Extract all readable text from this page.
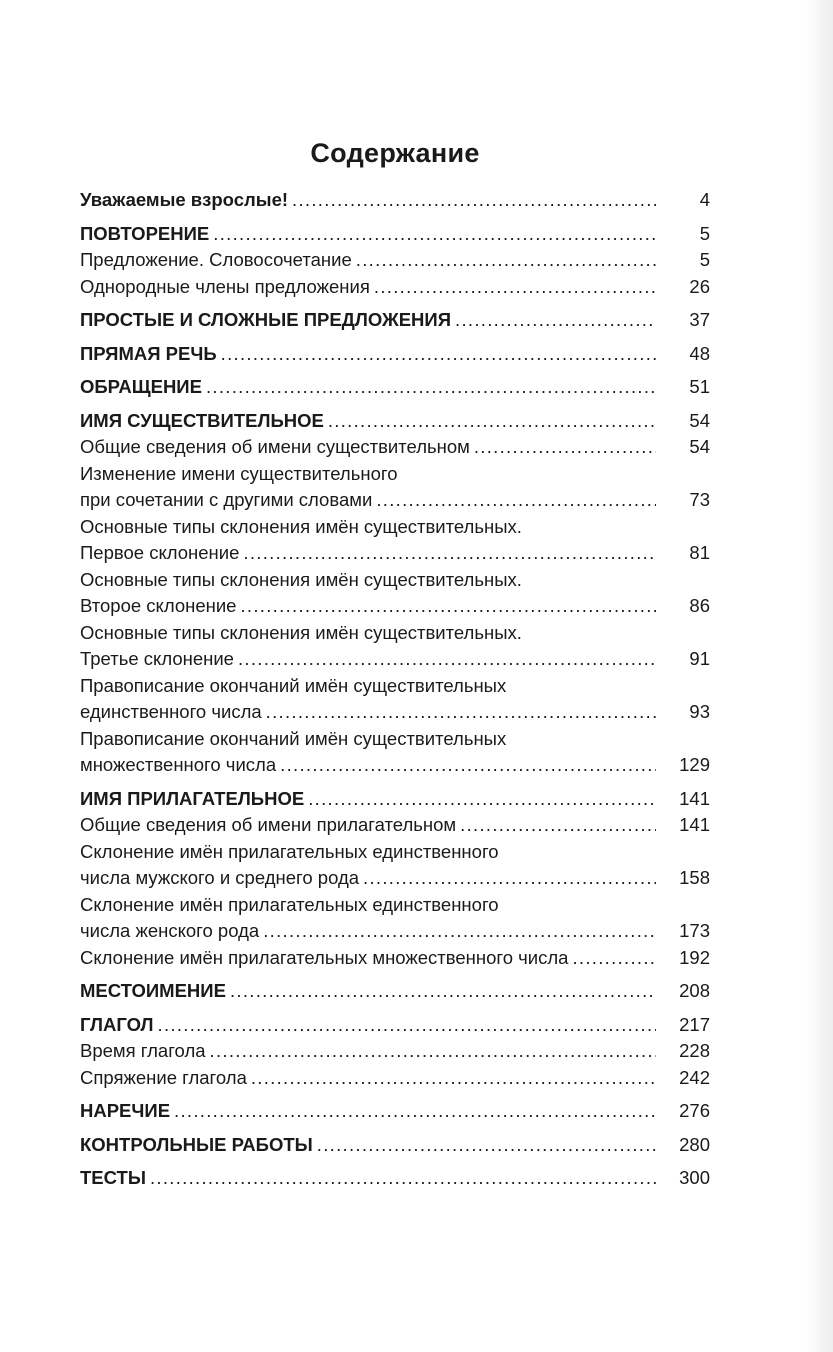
Содержание
Уважаемые взрослые! .....	4
ПОВТОРЕНИЕ .....	5
Предложение. Словосочетание .....	5
Однородные члены предложения .....	26
ПРОСТЫЕ И СЛОЖНЫЕ ПРЕДЛОЖЕНИЯ .....	37
ПРЯМАЯ РЕЧЬ .....	48
ОБРАЩЕНИЕ .....	51
ИМЯ СУЩЕСТВИТЕЛЬНОЕ .....	54
Общие сведения об имени существительном .....	54
Изменение имени существительного
при сочетании с другими словами .....	73
Основные типы склонения имён существительных.
Первое склонение .....	81
Основные типы склонения имён существительных.
Второе склонение .....	86
Основные типы склонения имён существительных.
Третье склонение .....	91
Правописание окончаний имён существительных
единственного числа .....	93
Правописание окончаний имён существительных
множественного числа .....	129
ИМЯ ПРИЛАГАТЕЛЬНОЕ .....	141
Общие сведения об имени прилагательном .....	141
Склонение имён прилагательных единственного
числа мужского и среднего рода .....	158
Склонение имён прилагательных единственного
числа женского рода .....	173
Склонение имён прилагательных множественного числа .....	192
МЕСТОИМЕНИЕ .....	208
ГЛАГОЛ .....	217
Время глагола .....	228
Спряжение глагола .....	242
НАРЕЧИЕ .....	276
КОНТРОЛЬНЫЕ РАБОТЫ .....	280
ТЕСТЫ .....	300
